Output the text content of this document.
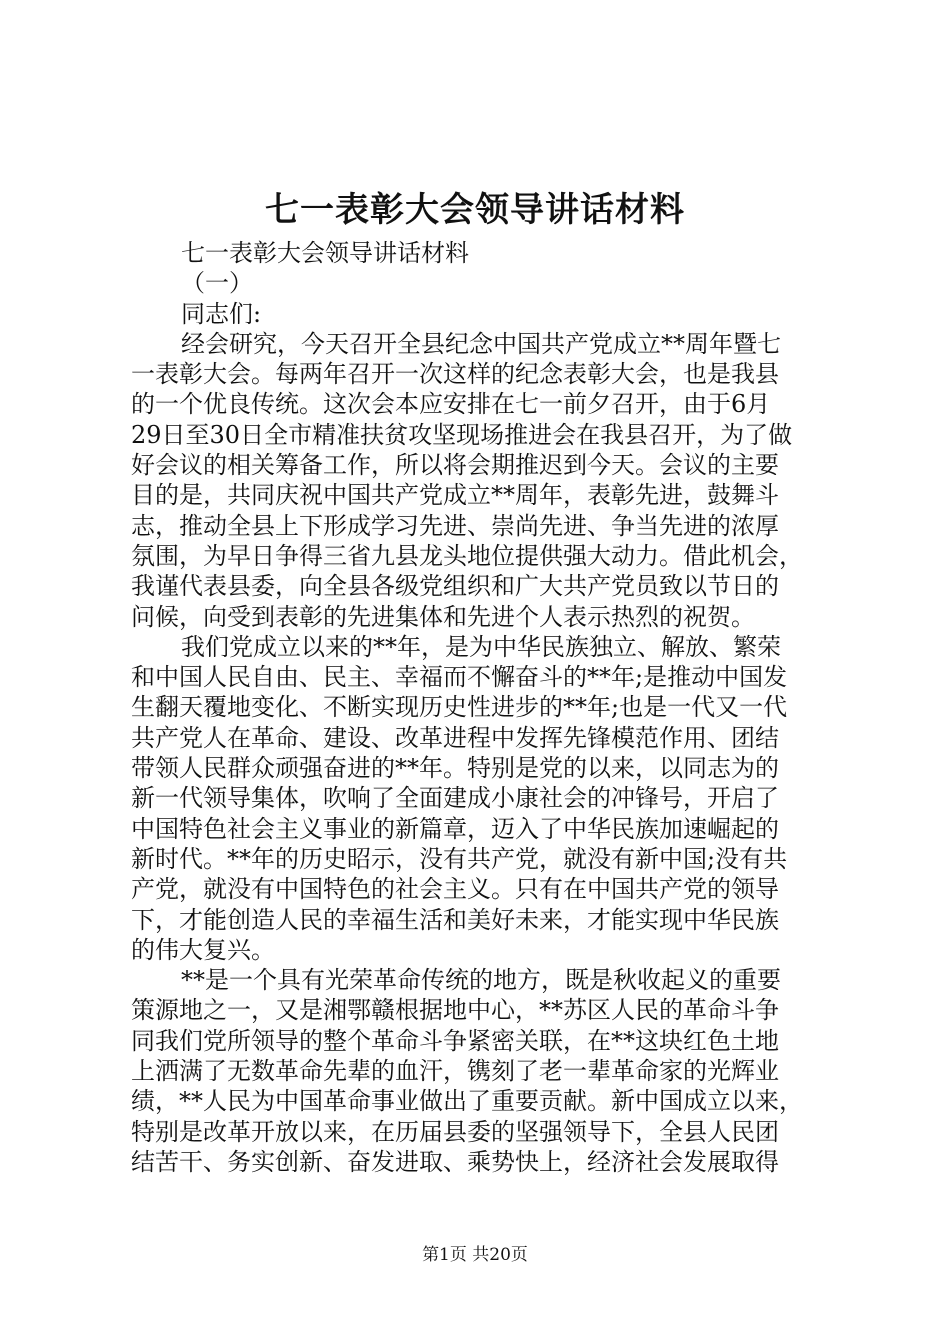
七一表彰大会领导讲话材料
七一表彰大会领导讲话材料
（一）
同志们:
经会研究，今天召开全县纪念中国共产党成立**周年暨七
一表彰大会。每两年召开一次这样的纪念表彰大会，也是我县
的一个优良传统。这次会本应安排在七一前夕召开，由于6月
29日至30日全市精准扶贫攻坚现场推进会在我县召开，为了做
好会议的相关筹备工作，所以将会期推迟到今天。会议的主要
目的是，共同庆祝中国共产党成立**周年，表彰先进，鼓舞斗
志，推动全县上下形成学习先进、崇尚先进、争当先进的浓厚
氛围，为早日争得三省九县龙头地位提供强大动力。借此机会，
我谨代表县委，向全县各级党组织和广大共产党员致以节日的
问候，向受到表彰的先进集体和先进个人表示热烈的祝贺。
我们党成立以来的**年，是为中华民族独立、解放、繁荣
和中国人民自由、民主、幸福而不懈奋斗的**年;是推动中国发
生翻天覆地变化、不断实现历史性进步的**年;也是一代又一代
共产党人在革命、建设、改革进程中发挥先锋模范作用、团结
带领人民群众顽强奋进的**年。特别是党的以来，以同志为的
新一代领导集体，吹响了全面建成小康社会的冲锋号，开启了
中国特色社会主义事业的新篇章，迈入了中华民族加速崛起的
新时代。**年的历史昭示，没有共产党，就没有新中国;没有共
产党，就没有中国特色的社会主义。只有在中国共产党的领导
下，才能创造人民的幸福生活和美好未来，才能实现中华民族
的伟大复兴。
**是一个具有光荣革命传统的地方，既是秋收起义的重要
策源地之一，又是湘鄂赣根据地中心，**苏区人民的革命斗争
同我们党所领导的整个革命斗争紧密关联，在**这块红色土地
上洒满了无数革命先辈的血汗，镌刻了老一辈革命家的光辉业
绩，**人民为中国革命事业做出了重要贡献。新中国成立以来，
特别是改革开放以来，在历届县委的坚强领导下，全县人民团
结苦干、务实创新、奋发进取、乘势快上，经济社会发展取得
第1页 共20页
